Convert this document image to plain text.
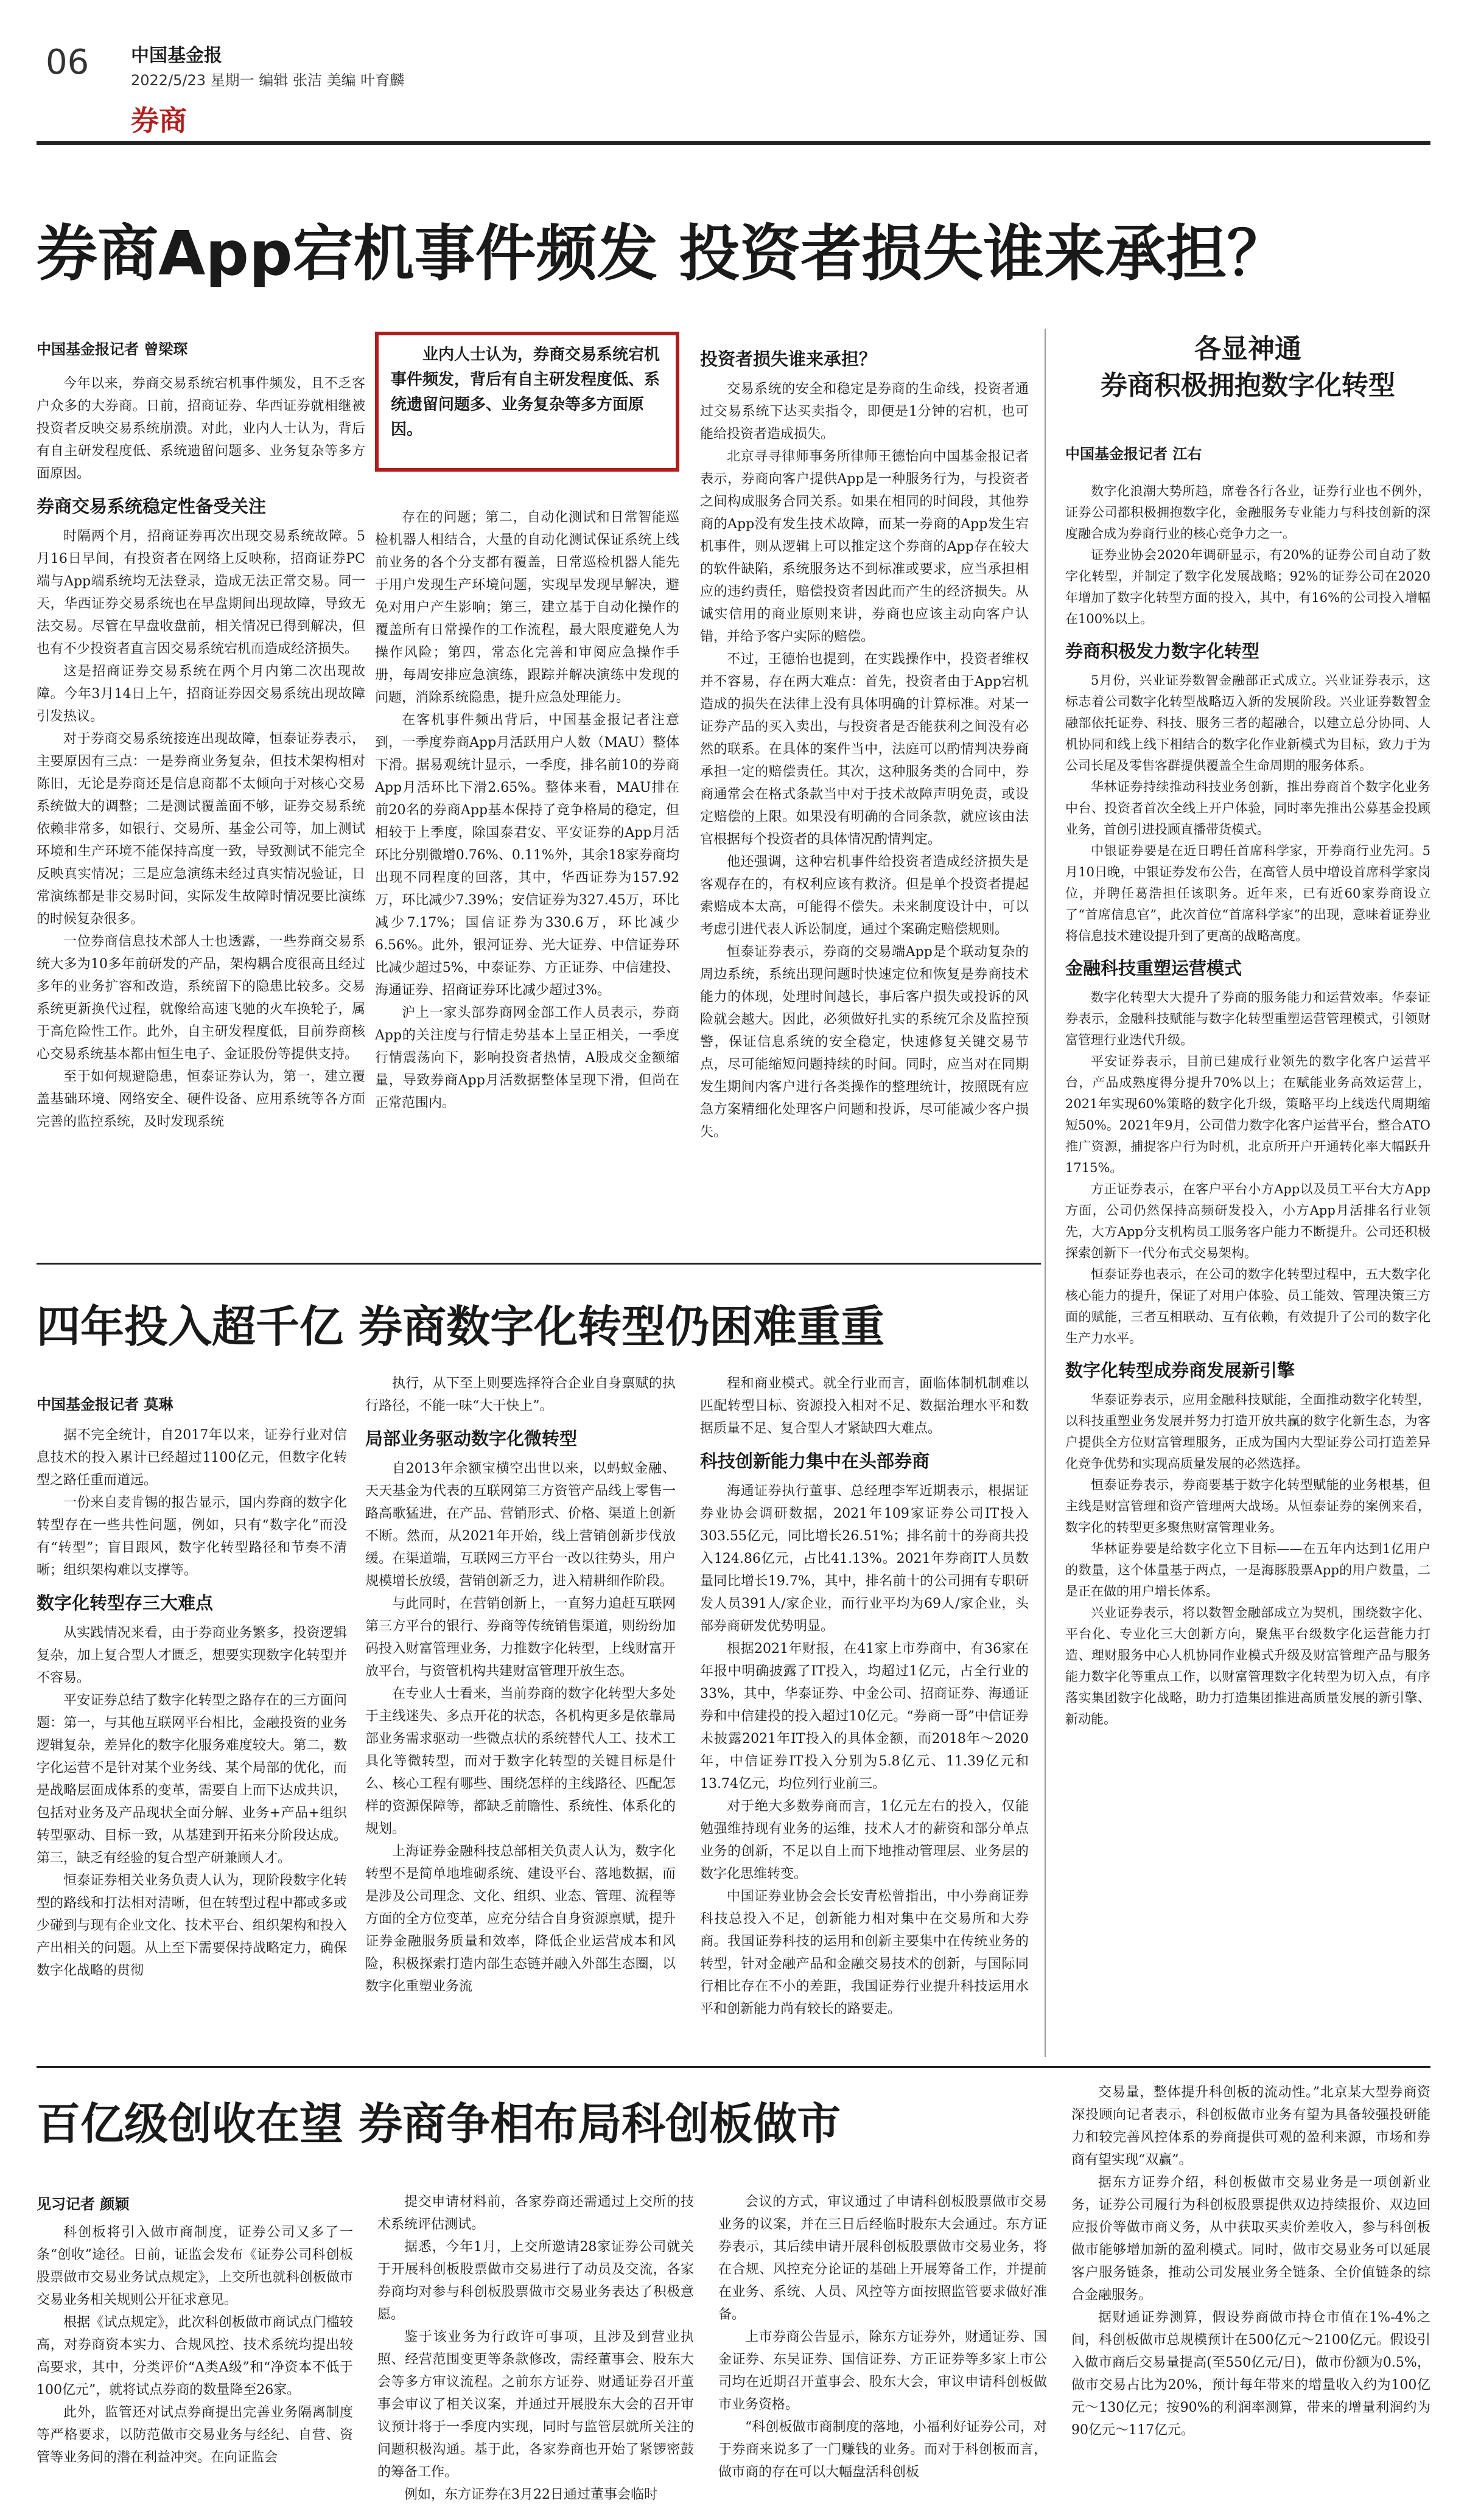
06 中国基金报
2022/5/23 星期一 编辑 张洁 美编 叶育麟
券商
券商App宕机事件频发 投资者损失谁来承担？
中国基金报记者 曾梁琛	业内人士认为，券商交易系统宕机事件频发，背后有自主研发程度低、系统遗留问题多、业务复杂等多方面原因。

今年以来，券商交易系统宕机事件频发，且不乏客户众多的大券商。日前，招商证券、华西证券就相继被投资者反映交易系统崩溃。对此，业内人士认为，背后有自主研发程度低、系统遗留问题多、业务复杂等多方面原因。

券商交易系统稳定性备受关注

时隔两个月，招商证券再次出现交易系统故障。5月16日早间，有投资者在网络上反映称，招商证券PC端与App端系统均无法登录，造成无法正常交易。同一天，华西证券交易系统也在早盘期间出现故障，导致无法交易。尽管在早盘收盘前，相关情况已得到解决，但也有不少投资者直言因交易系统宕机而造成经济损失。

这是招商证券交易系统在两个月内第二次出现故障。今年3月14日上午，招商证券因交易系统出现故障引发热议。

对于券商交易系统接连出现故障，恒泰证券表示，主要原因有三点：一是券商业务复杂，但技术架构相对陈旧，无论是券商还是信息商都不太倾向于对核心交易系统做大的调整；二是测试覆盖面不够，证券交易系统依赖非常多，如银行、交易所、基金公司等，加上测试环境和生产环境不能保持高度一致，导致测试不能完全反映真实情况；三是应急演练未经过真实情况验证，日常演练都是非交易时间，实际发生故障时情况要比演练的时候复杂很多。

一位券商信息技术部人士也透露，一些券商交易系统大多为10多年前研发的产品，架构耦合度很高且经过多年的业务扩容和改造，系统留下的隐患比较多。交易系统更新换代过程，就像给高速飞驰的火车换轮子，属于高危险性工作。此外，自主研发程度低，目前券商核心交易系统基本都由恒生电子、金证股份等提供支持。

至于如何规避隐患，恒泰证券认为，第一，建立覆盖基础环境、网络安全、硬件设备、应用系统等各方面完善的监控系统，及时发现系统

存在的问题；第二，自动化测试和日常智能巡检机器人相结合，大量的自动化测试保证系统上线前业务的各个分支都有覆盖，日常巡检机器人能先于用户发现生产环境问题，实现早发现早解决，避免对用户产生影响；第三，建立基于自动化操作的覆盖所有日常操作的工作流程，最大限度避免人为操作风险；第四，常态化完善和审阅应急操作手册，每周安排应急演练，跟踪并解决演练中发现的问题，消除系统隐患，提升应急处理能力。

在客机事件频出背后，中国基金报记者注意到，一季度券商App月活跃用户人数（MAU）整体下滑。据易观统计显示，一季度，排名前10的券商App月活环比下滑2.65%。整体来看，MAU排在前20名的券商App基本保持了竞争格局的稳定，但相较于上季度，除国泰君安、平安证券的App月活环比分别微增0.76%、0.11%外，其余18家券商均出现不同程度的回落，其中，华西证券为157.92万，环比减少7.39%；安信证券为327.45万，环比减少7.17%；国信证券为330.6万，环比减少6.56%。此外，银河证券、光大证券、中信证券环比减少超过5%，中泰证券、方正证券、中信建投、海通证券、招商证券环比减少超过3%。

沪上一家头部券商网金部工作人员表示，券商App的关注度与行情走势基本上呈正相关，一季度行情震荡向下，影响投资者热情，A股成交金额缩量，导致券商App月活数据整体呈现下滑，但尚在正常范围内。

投资者损失谁来承担？

交易系统的安全和稳定是券商的生命线，投资者通过交易系统下达买卖指令，即便是1分钟的宕机，也可能给投资者造成损失。

北京寻寻律师事务所律师王德怡向中国基金报记者表示，券商向客户提供App是一种服务行为，与投资者之间构成服务合同关系。如果在相同的时间段，其他券商的App没有发生技术故障，而某一券商的App发生宕机事件，则从逻辑上可以推定这个券商的App存在较大的软件缺陷，系统服务达不到标准或要求，应当承担相应的违约责任，赔偿投资者因此而产生的经济损失。从诚实信用的商业原则来讲，券商也应该主动向客户认错，并给予客户实际的赔偿。

不过，王德怡也提到，在实践操作中，投资者维权并不容易，存在两大难点：首先，投资者由于App宕机造成的损失在法律上没有具体明确的计算标准。对某一证券产品的买入卖出，与投资者是否能获利之间没有必然的联系。在具体的案件当中，法庭可以酌情判决券商承担一定的赔偿责任。其次，这种服务类的合同中，券商通常会在格式条款当中对于技术故障声明免责，或设定赔偿的上限。如果没有明确的合同条款，就应该由法官根据每个投资者的具体情况酌情判定。

他还强调，这种宕机事件给投资者造成经济损失是客观存在的，有权利应该有救济。但是单个投资者提起索赔成本太高，可能得不偿失。未来制度设计中，可以考虑引进代表人诉讼制度，通过个案确定赔偿规则。

恒泰证券表示，券商的交易端App是个联动复杂的周边系统，系统出现问题时快速定位和恢复是券商技术能力的体现，处理时间越长，事后客户损失或投诉的风险就会越大。因此，必须做好扎实的系统冗余及监控预警，保证信息系统的安全稳定，快速修复关键交易节点，尽可能缩短问题持续的时间。同时，应当对在同期发生期间内客户进行各类操作的整理统计，按照既有应急方案精细化处理客户问题和投诉，尽可能减少客户损失。

各显神通
券商积极拥抱数字化转型
中国基金报记者 江右

数字化浪潮大势所趋，席卷各行各业，证券行业也不例外，证券公司都积极拥抱数字化，金融服务专业能力与科技创新的深度融合成为券商行业的核心竞争力之一。

证券业协会2020年调研显示，有20%的证券公司自动了数字化转型，并制定了数字化发展战略；92%的证券公司在2020年增加了数字化转型方面的投入，其中，有16%的公司投入增幅在100%以上。

券商积极发力数字化转型

5月份，兴业证券数智金融部正式成立。兴业证券表示，这标志着公司数字化转型战略迈入新的发展阶段。兴业证券数智金融部依托证券、科技、服务三者的超融合，以建立总分协同、人机协同和线上线下相结合的数字化作业新模式为目标，致力于为公司长尾及零售客群提供覆盖全生命周期的服务体系。

华林证券持续推动科技业务创新，推出券商首个数字化业务中台、投资者首次全线上开户体验，同时率先推出公募基金投顾业务，首创引进投顾直播带货模式。

中银证券要是在近日聘任首席科学家，开券商行业先河。5月10日晚，中银证券发布公告，在高管人员中增设首席科学家岗位，并聘任葛浩担任该职务。近年来，已有近60家券商设立了“首席信息官”，此次首位“首席科学家”的出现，意味着证券业将信息技术建设提升到了更高的战略高度。

金融科技重塑运营模式

数字化转型大大提升了券商的服务能力和运营效率。华泰证券表示，金融科技赋能与数字化转型重塑运营管理模式，引领财富管理行业迭代升级。

平安证券表示，目前已建成行业领先的数字化客户运营平台，产品成熟度得分提升70%以上；在赋能业务高效运营上，2021年实现60%策略的数字化升级，策略平均上线迭代周期缩短50%。2021年9月，公司借力数字化客户运营平台，整合ATO推广资源，捕捉客户行为时机，北京所开户开通转化率大幅跃升1715%。

方正证券表示，在客户平台小方App以及员工平台大方App方面，公司仍然保持高频研发投入，小方App月活排名行业领先，大方App分支机构员工服务客户能力不断提升。公司还积极探索创新下一代分布式交易架构。

恒泰证券也表示，在公司的数字化转型过程中，五大数字化核心能力的提升，保证了对用户体验、员工能效、管理决策三方面的赋能，三者互相联动、互有依赖，有效提升了公司的数字化生产力水平。

数字化转型成券商发展新引擎

华泰证券表示，应用金融科技赋能，全面推动数字化转型，以科技重塑业务发展并努力打造开放共赢的数字化新生态，为客户提供全方位财富管理服务，正成为国内大型证券公司打造差异化竞争优势和实现高质量发展的必然选择。

恒泰证券表示，券商要基于数字化转型赋能的业务根基，但主线是财富管理和资产管理两大战场。从恒泰证券的案例来看，数字化的转型更多聚焦财富管理业务。

华林证券要是给数字化立下目标——在五年内达到1亿用户的数量，这个体量基于两点，一是海豚股票App的用户数量，二是正在做的用户增长体系。

兴业证券表示，将以数智金融部成立为契机，围绕数字化、平台化、专业化三大创新方向，聚焦平台级数字化运营能力打造、理财服务中心人机协同作业模式升级及财富管理产品与服务能力数字化等重点工作，以财富管理数字化转型为切入点，有序落实集团数字化战略，助力打造集团推进高质量发展的新引擎、新动能。

四年投入超千亿 券商数字化转型仍困难重重
中国基金报记者 莫琳

据不完全统计，自2017年以来，证券行业对信息技术的投入累计已经超过1100亿元，但数字化转型之路任重而道远。

一份来自麦肯锡的报告显示，国内券商的数字化转型存在一些共性问题，例如，只有“数字化”而没有“转型”；盲目跟风，数字化转型路径和节奏不清晰；组织架构难以支撑等。

数字化转型存三大难点

从实践情况来看，由于券商业务繁多，投资逻辑复杂，加上复合型人才匮乏，想要实现数字化转型并不容易。

平安证券总结了数字化转型之路存在的三方面问题：第一，与其他互联网平台相比，金融投资的业务逻辑复杂，差异化的数字化服务难度较大。第二，数字化运营不是针对某个业务线、某个局部的优化，而是战略层面成体系的变革，需要自上而下达成共识，包括对业务及产品现状全面分解、业务+产品+组织转型驱动、目标一致，从基建到开拓来分阶段达成。第三，缺乏有经验的复合型产研兼顾人才。

恒泰证券相关业务负责人认为，现阶段数字化转型的路线和打法相对清晰，但在转型过程中都或多或少碰到与现有企业文化、技术平台、组织架构和投入产出相关的问题。从上至下需要保持战略定力，确保数字化战略的贯彻

执行，从下至上则要选择符合企业自身禀赋的执行路径，不能一味“大干快上”。

局部业务驱动数字化微转型

自2013年余额宝横空出世以来，以蚂蚁金融、天天基金为代表的互联网第三方资管产品线上零售一路高歌猛进，在产品、营销形式、价格、渠道上创新不断。然而，从2021年开始，线上营销创新步伐放缓。在渠道端，互联网三方平台一改以往势头，用户规模增长放缓，营销创新乏力，进入精耕细作阶段。

与此同时，在营销创新上，一直努力追赶互联网第三方平台的银行、券商等传统销售渠道，则纷纷加码投入财富管理业务，力推数字化转型，上线财富开放平台，与资管机构共建财富管理开放生态。

在专业人士看来，当前券商的数字化转型大多处于主线迷失、多点开花的状态，各机构更多是依靠局部业务需求驱动一些微点状的系统替代人工、技术工具化等微转型，而对于数字化转型的关键目标是什么、核心工程有哪些、围绕怎样的主线路径、匹配怎样的资源保障等，都缺乏前瞻性、系统性、体系化的规划。

上海证券金融科技总部相关负责人认为，数字化转型不是简单地堆砌系统、建设平台、落地数据，而是涉及公司理念、文化、组织、业态、管理、流程等方面的全方位变革，应充分结合自身资源禀赋，提升证券金融服务质量和效率，降低企业运营成本和风险，积极探索打造内部生态链并融入外部生态圈，以数字化重塑业务流

程和商业模式。就全行业而言，面临体制机制难以匹配转型目标、资源投入相对不足、数据治理水平和数据质量不足、复合型人才紧缺四大难点。

科技创新能力集中在头部券商

海通证券执行董事、总经理李军近期表示，根据证券业协会调研数据，2021年109家证券公司IT投入303.55亿元，同比增长26.51%；排名前十的券商共投入124.86亿元，占比41.13%。2021年券商IT人员数量同比增长19.7%，其中，排名前十的公司拥有专职研发人员391人/家企业，而行业平均为69人/家企业，头部券商研发优势明显。

根据2021年财报，在41家上市券商中，有36家在年报中明确披露了IT投入，均超过1亿元，占全行业的33%，其中，华泰证券、中金公司、招商证券、海通证券和中信建投的投入超过10亿元。“券商一哥”中信证券未披露2021年IT投入的具体金额，而2018年～2020年，中信证券IT投入分别为5.8亿元、11.39亿元和13.74亿元，均位列行业前三。

对于绝大多数券商而言，1亿元左右的投入，仅能勉强维持现有业务的运维，技术人才的薪资和部分单点业务的创新，不足以自上而下地推动管理层、业务层的数字化思维转变。

中国证券业协会会长安青松曾指出，中小券商证券科技总投入不足，创新能力相对集中在交易所和大券商。我国证券科技的运用和创新主要集中在传统业务的转型，针对金融产品和金融交易技术的创新，与国际同行相比存在不小的差距，我国证券行业提升科技运用水平和创新能力尚有较长的路要走。

百亿级创收在望 券商争相布局科创板做市
见习记者 颜颖

科创板将引入做市商制度，证券公司又多了一条“创收”途径。日前，证监会发布《证券公司科创板股票做市交易业务试点规定》，上交所也就科创板做市交易业务相关规则公开征求意见。

根据《试点规定》，此次科创板做市商试点门槛较高，对券商资本实力、合规风控、技术系统均提出较高要求，其中，分类评价“A类A级”和“净资本不低于100亿元”，就将试点券商的数量降至26家。

此外，监管还对试点券商提出完善业务隔离制度等严格要求，以防范做市交易业务与经纪、自营、资管等业务间的潜在利益冲突。在向证监会

提交申请材料前，各家券商还需通过上交所的技术系统评估测试。

据悉，今年1月，上交所邀请28家证券公司就关于开展科创板股票做市交易进行了动员及交流，各家券商均对参与科创板股票做市交易业务表达了积极意愿。

鉴于该业务为行政许可事项，且涉及到营业执照、经营范围变更等条款修改，需经董事会、股东大会等多方审议流程。之前东方证券、财通证券召开董事会审议了相关议案，并通过开展股东大会的召开审议预计将于一季度内实现，同时与监管层就所关注的问题积极沟通。基于此，各家券商也开始了紧锣密鼓的筹备工作。

例如，东方证券在3月22日通过董事会临时

会议的方式，审议通过了申请科创板股票做市交易业务的议案，并在三日后经临时股东大会通过。东方证券表示，其后续申请开展科创板股票做市交易业务，将在合规、风控充分论证的基础上开展筹备工作，并提前在业务、系统、人员、风控等方面按照监管要求做好准备。

上市券商公告显示，除东方证券外，财通证券、国金证券、东吴证券、国信证券、方正证券等多家上市公司均在近期召开董事会、股东大会，审议申请科创板做市业务资格。

“科创板做市商制度的落地，小福利好证券公司，对于券商来说多了一门赚钱的业务。而对于科创板而言，做市商的存在可以大幅盘活科创板

交易量，整体提升科创板的流动性。”北京某大型券商资深投顾向记者表示，科创板做市业务有望为具备较强投研能力和较完善风控体系的券商提供可观的盈利来源，市场和券商有望实现“双赢”。

据东方证券介绍，科创板做市交易业务是一项创新业务，证券公司履行为科创板股票提供双边持续报价、双边回应报价等做市商义务，从中获取买卖价差收入，参与科创板做市能够增加新的盈利模式。同时，做市交易业务可以延展客户服务链条，推动公司发展业务全链条、全价值链条的综合金融服务。

据财通证券测算，假设券商做市持仓市值在1%-4%之间，科创板做市总规模预计在500亿元～2100亿元。假设引入做市商后交易量提高(至550亿元/日)，做市份额为0.5%，做市交易占比为20%，预计每年带来的增量收入约为100亿元～130亿元；按90%的利润率测算，带来的增量利润约为90亿元～117亿元。
